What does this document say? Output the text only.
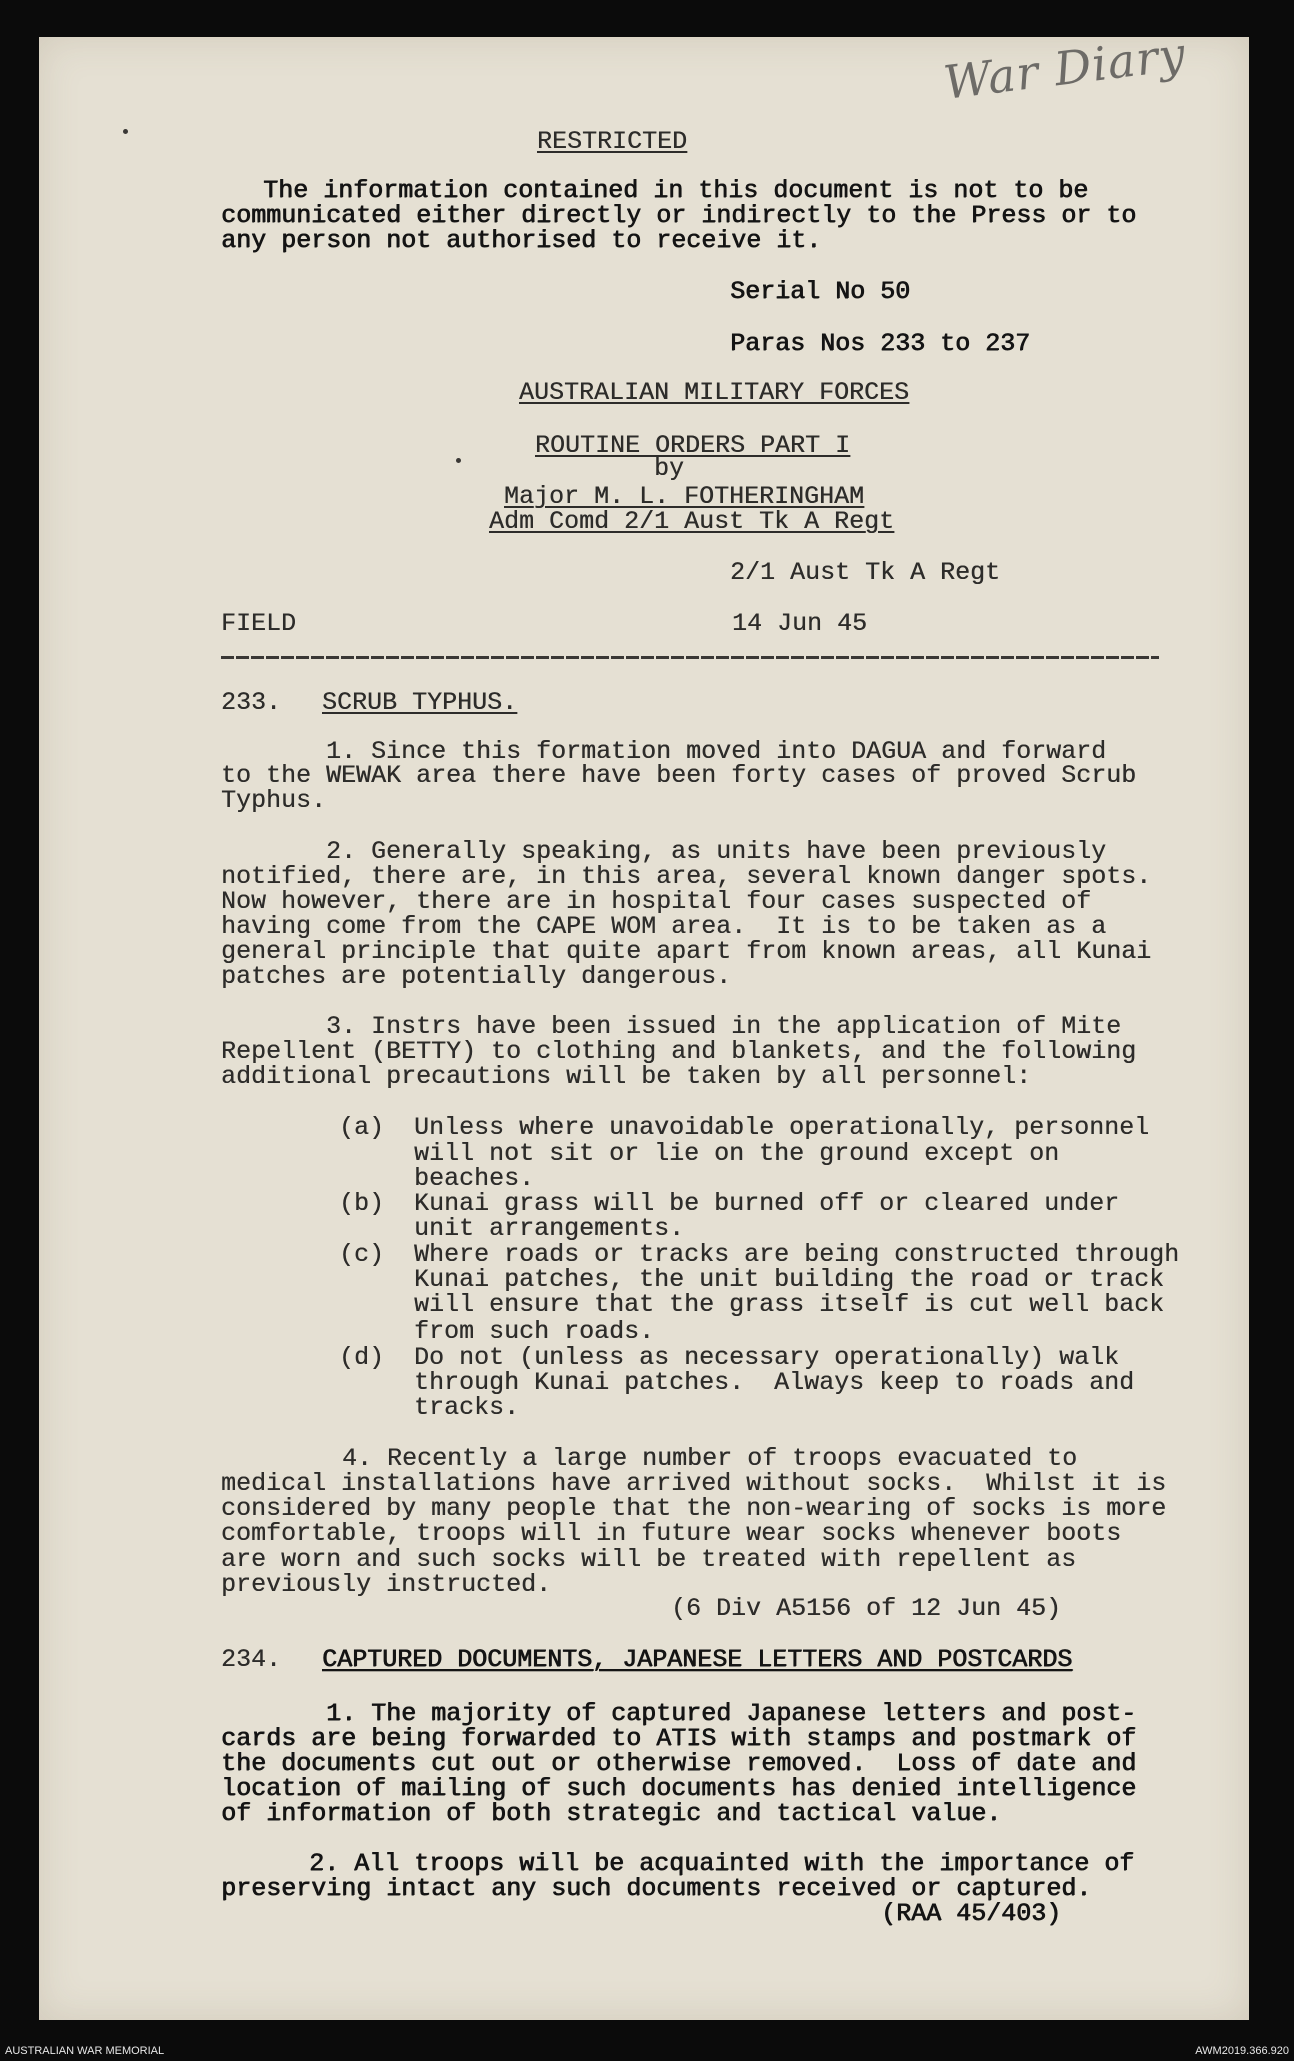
War Diary
RESTRICTED
The information contained in this document is not to be
communicated either directly or indirectly to the Press or to
any person not authorised to receive it.
Serial No 50
Paras Nos 233 to 237
AUSTRALIAN MILITARY FORCES
ROUTINE ORDERS PART I
by
Major M. L. FOTHERINGHAM
Adm Comd 2/1 Aust Tk A Regt
2/1 Aust Tk A Regt
FIELD	14 Jun 45
233. SCRUB TYPHUS.
1. Since this formation moved into DAGUA and forward
to the WEWAK area there have been forty cases of proved Scrub
Typhus.
2. Generally speaking, as units have been previously
notified, there are, in this area, several known danger spots.
Now however, there are in hospital four cases suspected of
having come from the CAPE WOM area.  It is to be taken as a
general principle that quite apart from known areas, all Kunai
patches are potentially dangerous.
3. Instrs have been issued in the application of Mite
Repellent (BETTY) to clothing and blankets, and the following
additional precautions will be taken by all personnel:
(a) Unless where unavoidable operationally, personnel
will not sit or lie on the ground except on
beaches.
(b) Kunai grass will be burned off or cleared under
unit arrangements.
(c) Where roads or tracks are being constructed through
Kunai patches, the unit building the road or track
will ensure that the grass itself is cut well back
from such roads.
(d) Do not (unless as necessary operationally) walk
through Kunai patches.  Always keep to roads and
tracks.
4. Recently a large number of troops evacuated to
medical installations have arrived without socks.  Whilst it is
considered by many people that the non-wearing of socks is more
comfortable, troops will in future wear socks whenever boots
are worn and such socks will be treated with repellent as
previously instructed.
(6 Div A5156 of 12 Jun 45)
234. CAPTURED DOCUMENTS, JAPANESE LETTERS AND POSTCARDS
1. The majority of captured Japanese letters and post-
cards are being forwarded to ATIS with stamps and postmark of
the documents cut out or otherwise removed.  Loss of date and
location of mailing of such documents has denied intelligence
of information of both strategic and tactical value.
2. All troops will be acquainted with the importance of
preserving intact any such documents received or captured.
(RAA 45/403)
AUSTRALIAN WAR MEMORIAL	AWM2019.366.920
